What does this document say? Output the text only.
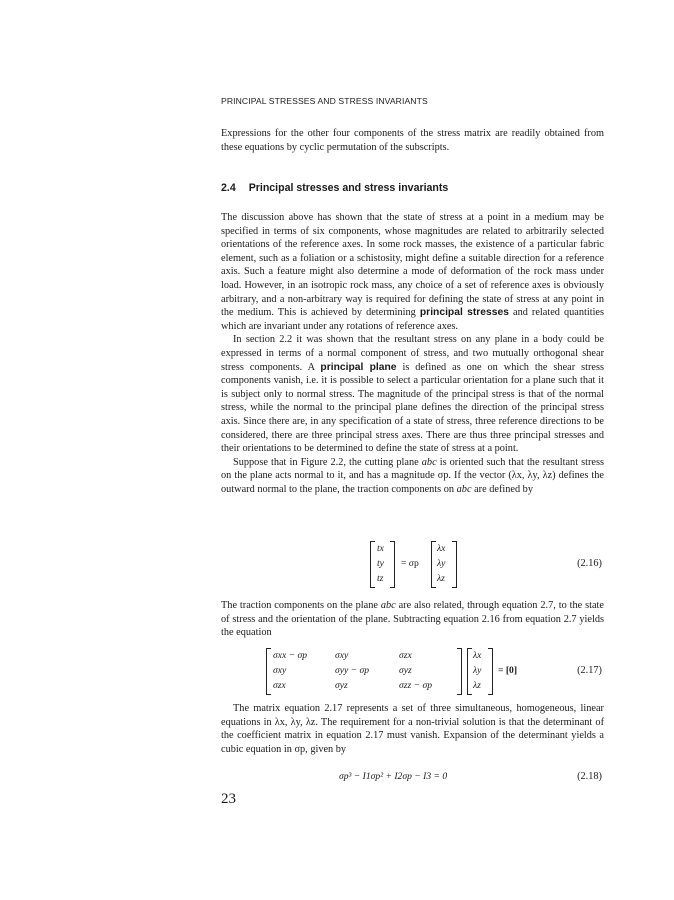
PRINCIPAL STRESSES AND STRESS INVARIANTS

Expressions for the other four components of the stress matrix are readily obtained from these equations by cyclic permutation of the subscripts.

2.4 Principal stresses and stress invariants

The discussion above has shown that the state of stress at a point in a medium may be specified in terms of six components, whose magnitudes are related to arbitrarily selected orientations of the reference axes. In some rock masses, the existence of a particular fabric element, such as a foliation or a schistosity, might define a suitable direction for a reference axis. Such a feature might also determine a mode of deformation of the rock mass under load. However, in an isotropic rock mass, any choice of a set of reference axes is obviously arbitrary, and a non-arbitrary way is required for defining the state of stress at any point in the medium. This is achieved by determining principal stresses and related quantities which are invariant under any rotations of reference axes.

In section 2.2 it was shown that the resultant stress on any plane in a body could be expressed in terms of a normal component of stress, and two mutually orthogonal shear stress components. A principal plane is defined as one on which the shear stress components vanish, i.e. it is possible to select a particular orientation for a plane such that it is subject only to normal stress. The magnitude of the principal stress is that of the normal stress, while the normal to the principal plane defines the direction of the principal stress axis. Since there are, in any specification of a state of stress, three reference directions to be considered, there are three principal stress axes. There are thus three principal stresses and their orientations to be determined to define the state of stress at a point.

Suppose that in Figure 2.2, the cutting plane abc is oriented such that the resultant stress on the plane acts normal to it, and has a magnitude σp. If the vector (λx, λy, λz) defines the outward normal to the plane, the traction components on abc are defined by

tx
ty
tz
= σp
λx
λy
λz
(2.16)

The traction components on the plane abc are also related, through equation 2.7, to the state of stress and the orientation of the plane. Subtracting equation 2.16 from equation 2.7 yields the equation

σxx − σp	σxy	σzx
σxy	σyy − σp	σyz
σzx	σyz	σzz − σp
λx
λy
λz
= [0]	(2.17)

The matrix equation 2.17 represents a set of three simultaneous, homogeneous, linear equations in λx, λy, λz. The requirement for a non-trivial solution is that the determinant of the coefficient matrix in equation 2.17 must vanish. Expansion of the determinant yields a cubic equation in σp, given by

σp³ − I1σp² + I2σp − I3 = 0	(2.18)
23
